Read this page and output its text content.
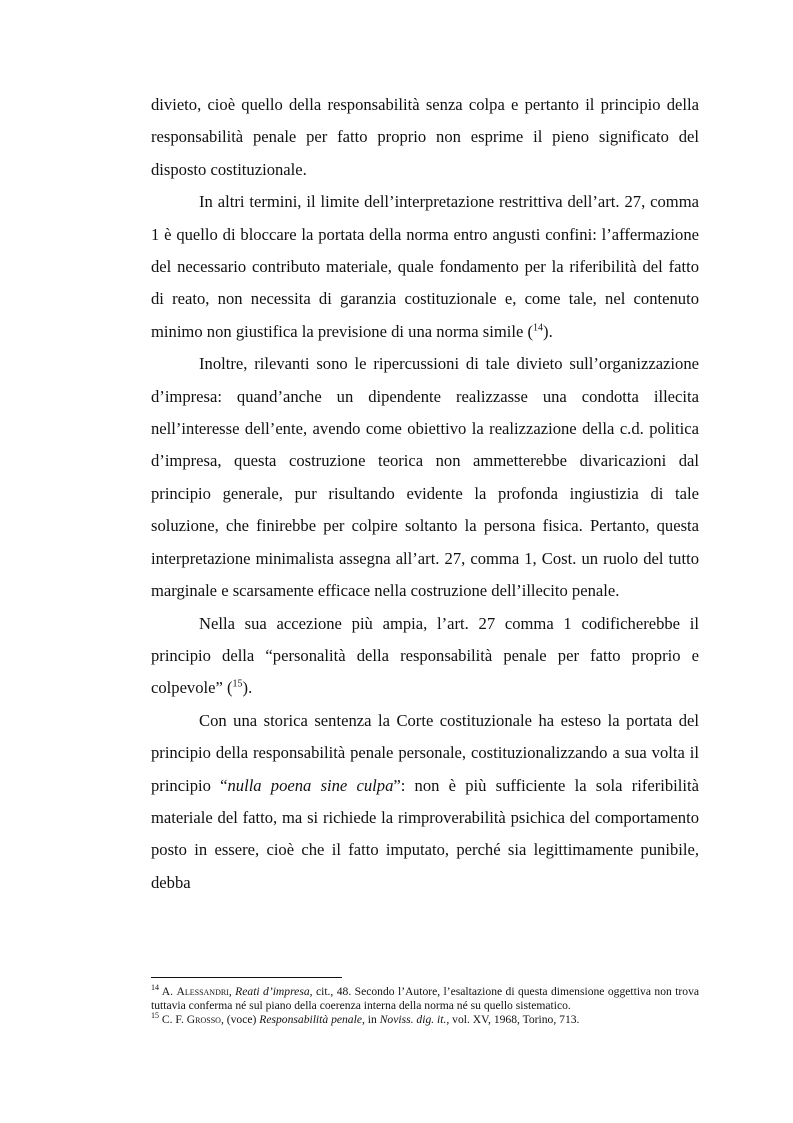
divieto, cioè quello della responsabilità senza colpa e pertanto il principio della responsabilità penale per fatto proprio non esprime il pieno significato del disposto costituzionale.

In altri termini, il limite dell’interpretazione restrittiva dell’art. 27, comma 1 è quello di bloccare la portata della norma entro angusti confini: l’affermazione del necessario contributo materiale, quale fondamento per la riferibilità del fatto di reato, non necessita di garanzia costituzionale e, come tale, nel contenuto minimo non giustifica la previsione di una norma simile ($^{14}$).

Inoltre, rilevanti sono le ripercussioni di tale divieto sull’organizzazione d’impresa: quand’anche un dipendente realizzasse una condotta illecita nell’interesse dell’ente, avendo come obiettivo la realizzazione della c.d. politica d’impresa, questa costruzione teorica non ammetterebbe divaricazioni dal principio generale, pur risultando evidente la profonda ingiustizia di tale soluzione, che finirebbe per colpire soltanto la persona fisica. Pertanto, questa interpretazione minimalista assegna all’art. 27, comma 1, Cost. un ruolo del tutto marginale e scarsamente efficace nella costruzione dell’illecito penale.

Nella sua accezione più ampia, l’art. 27 comma 1 codificherebbe il principio della “personalità della responsabilità penale per fatto proprio e colpevole” ($^{15}$).

Con una storica sentenza la Corte costituzionale ha esteso la portata del principio della responsabilità penale personale, costituzionalizzando a sua volta il principio “nulla poena sine culpa”: non è più sufficiente la sola riferibilità materiale del fatto, ma si richiede la rimproverabilità psichica del comportamento posto in essere, cioè che il fatto imputato, perché sia legittimamente punibile, debba

$^{14}$ A. Alessandri, Reati d’impresa, cit., 48. Secondo l’Autore, l’esaltazione di questa dimensione oggettiva non trova tuttavia conferma né sul piano della coerenza interna della norma né su quello sistematico.

$^{15}$ C. F. Grosso, (voce) Responsabilità penale, in Noviss. dig. it., vol. XV, 1968, Torino, 713.
